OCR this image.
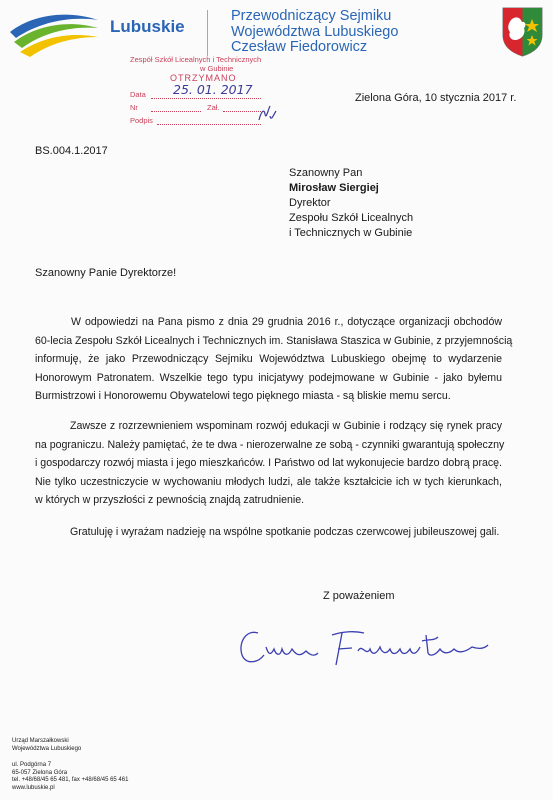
Lubuskie
Przewodniczący Sejmiku
Województwa Lubuskiego
Czesław Fiedorowicz
Zespół Szkół Licealnych i Technicznych
w Gubinie
OTRZYMANO
Data 25. 01. 2017
Nr	Zał.
Podpis
Zielona Góra, 10 stycznia 2017 r.
BS.004.1.2017
Szanowny Pan
Mirosław Siergiej
Dyrektor
Zespołu Szkół Licealnych
i Technicznych w Gubinie
Szanowny Panie Dyrektorze!
W odpowiedzi na Pana pismo z dnia 29 grudnia 2016 r., dotyczące organizacji obchodów
60-lecia Zespołu Szkół Licealnych i Technicznych im. Stanisława Staszica w Gubinie, z przyjemnością
informuję, że jako Przewodniczący Sejmiku Województwa Lubuskiego obejmę to wydarzenie
Honorowym Patronatem. Wszelkie tego typu inicjatywy podejmowane w Gubinie - jako byłemu
Burmistrzowi i Honorowemu Obywatelowi tego pięknego miasta - są bliskie memu sercu.
Zawsze z rozrzewnieniem wspominam rozwój edukacji w Gubinie i rodzący się rynek pracy
na pograniczu. Należy pamiętać, że te dwa - nierozerwalne ze sobą - czynniki gwarantują społeczny
i gospodarczy rozwój miasta i jego mieszkańców. I Państwo od lat wykonujecie bardzo dobrą pracę.
Nie tylko uczestniczycie w wychowaniu młodych ludzi, ale także kształcicie ich w tych kierunkach,
w których w przyszłości z pewnością znajdą zatrudnienie.
Gratuluję i wyrażam nadzieję na wspólne spotkanie podczas czerwcowej jubileuszowej gali.
Z poważeniem
Urząd Marszałkowski
Województwa Lubuskiego
ul. Podgórna 7
65-057 Zielona Góra
tel. +48/68/45 65 481, fax +48/68/45 65 461
www.lubuskie.pl
